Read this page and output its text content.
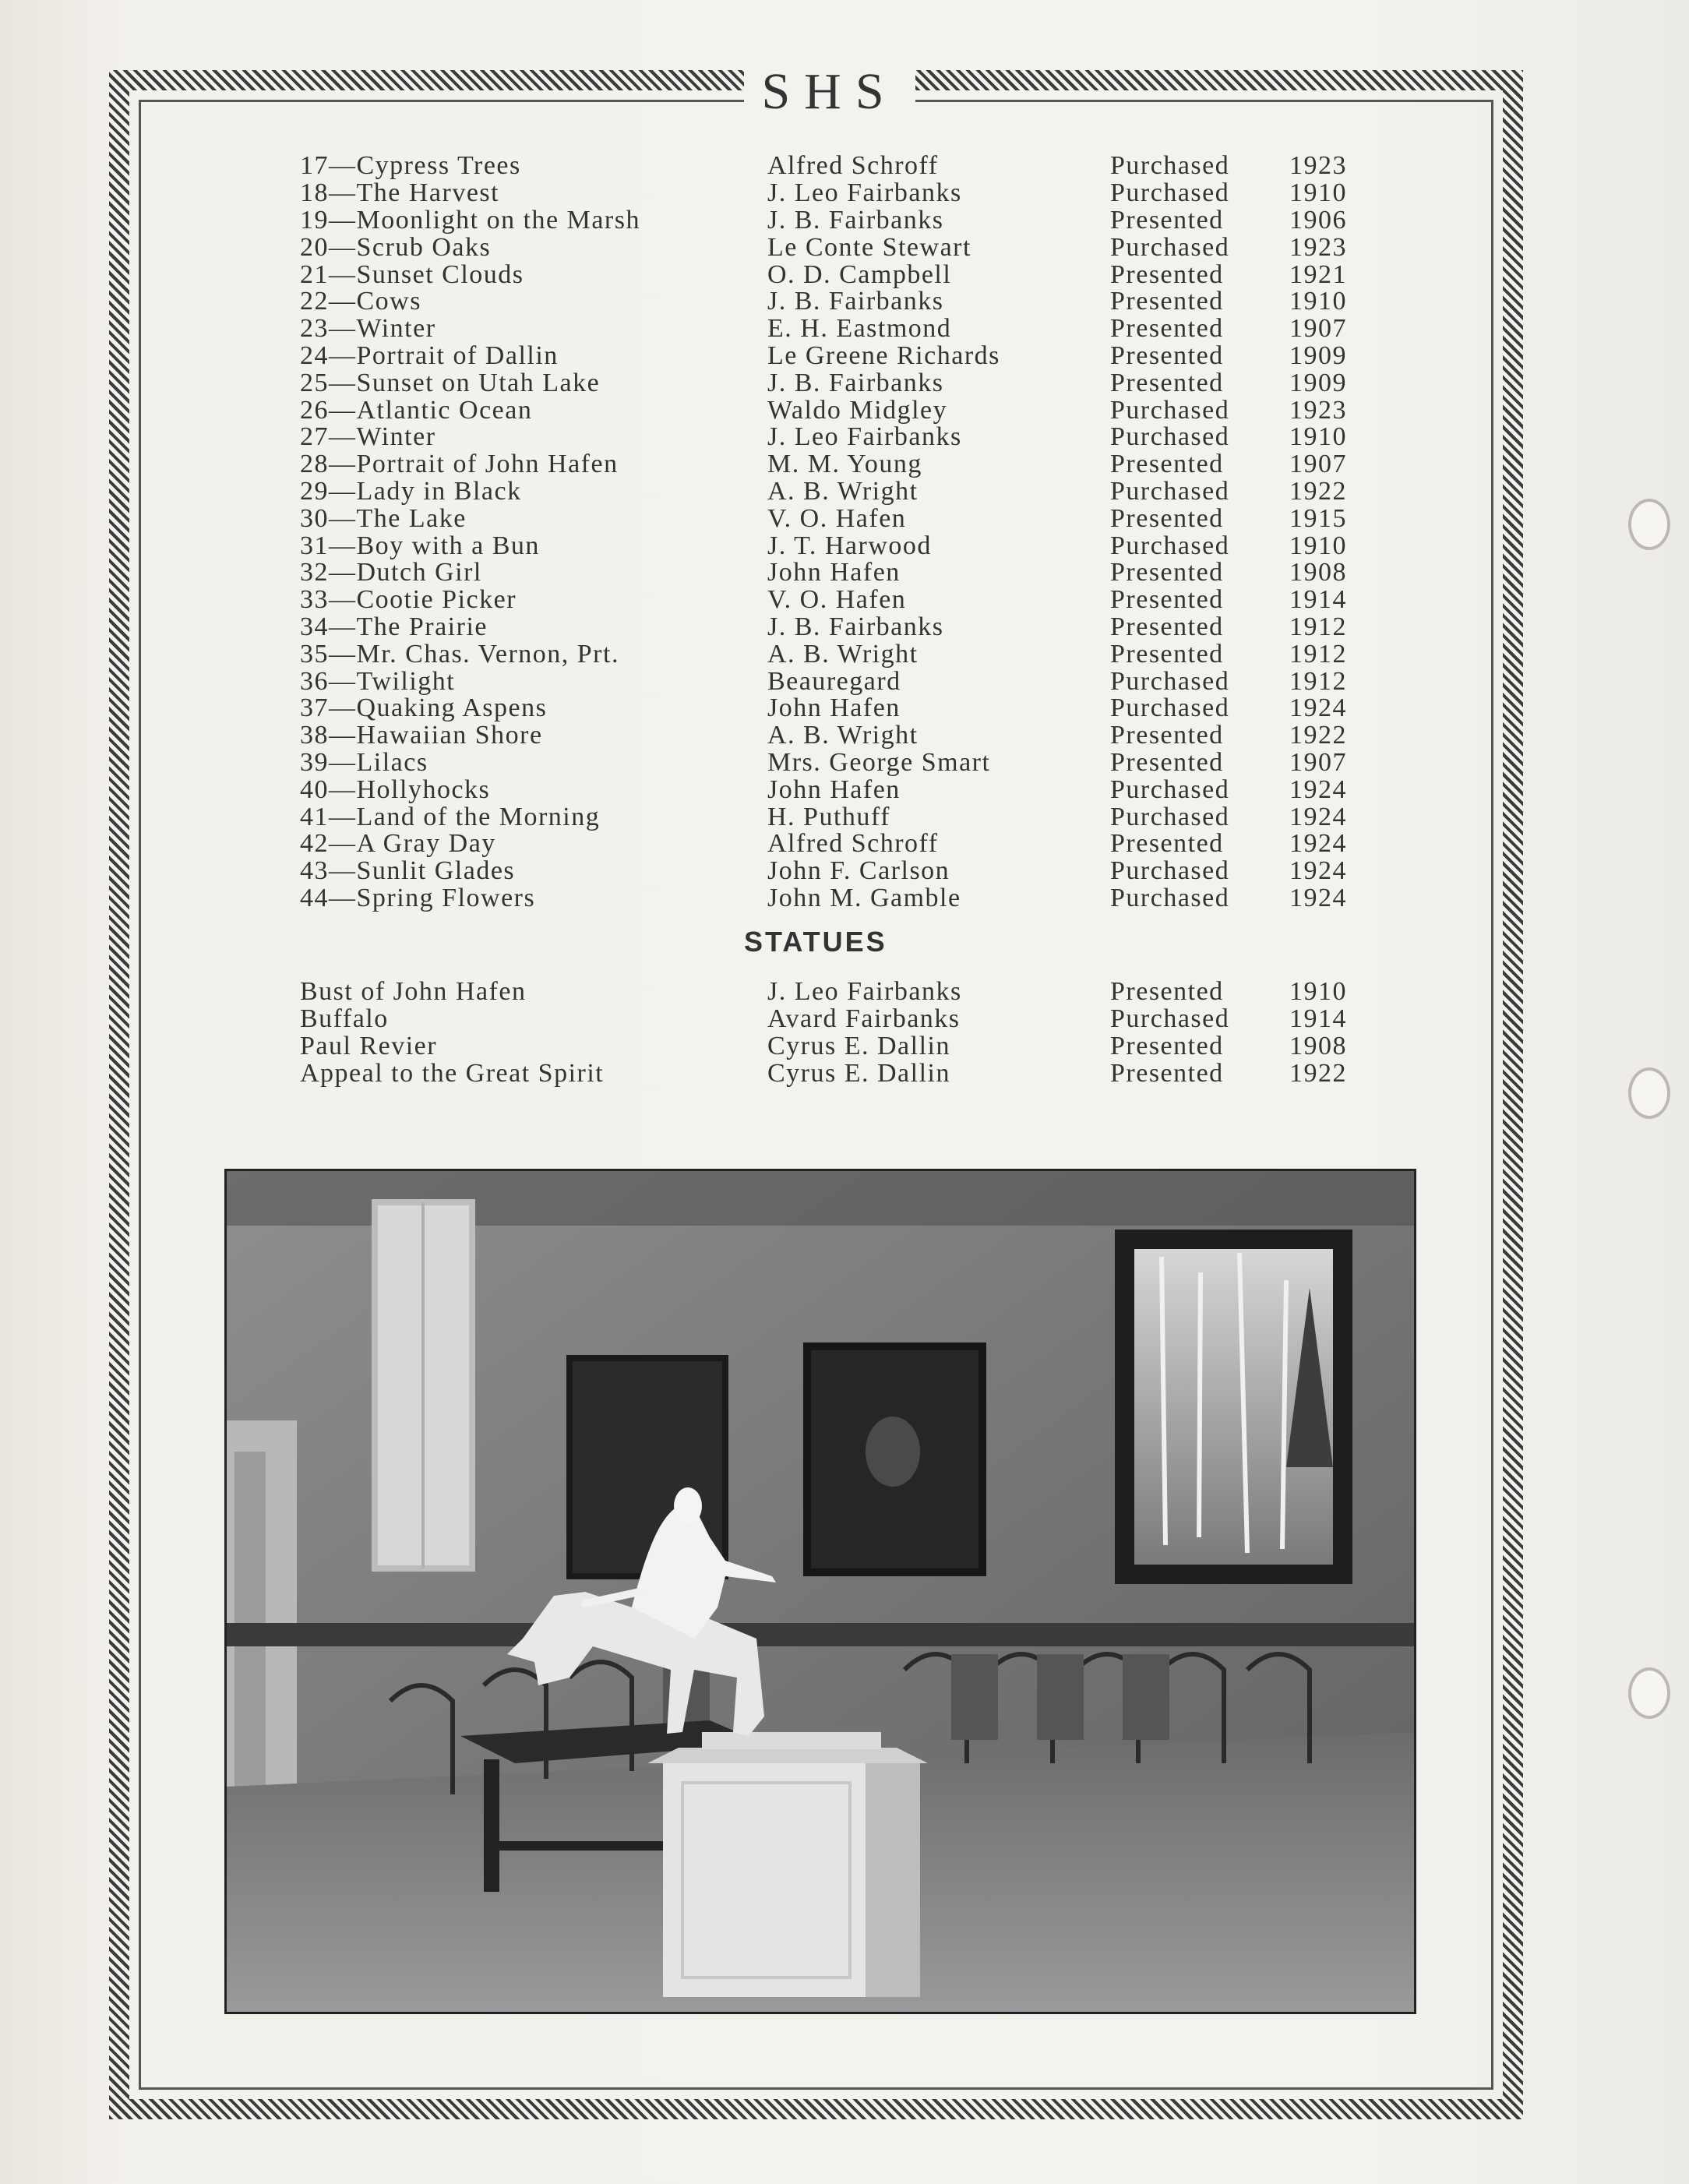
SHS
17—Cypress Trees	Alfred Schroff	Purchased	1923
18—The Harvest	J. Leo Fairbanks	Purchased	1910
19—Moonlight on the Marsh	J. B. Fairbanks	Presented	1906
20—Scrub Oaks	Le Conte Stewart	Purchased	1923
21—Sunset Clouds	O. D. Campbell	Presented	1921
22—Cows	J. B. Fairbanks	Presented	1910
23—Winter	E. H. Eastmond	Presented	1907
24—Portrait of Dallin	Le Greene Richards	Presented	1909
25—Sunset on Utah Lake	J. B. Fairbanks	Presented	1909
26—Atlantic Ocean	Waldo Midgley	Purchased	1923
27—Winter	J. Leo Fairbanks	Purchased	1910
28—Portrait of John Hafen	M. M. Young	Presented	1907
29—Lady in Black	A. B. Wright	Purchased	1922
30—The Lake	V. O. Hafen	Presented	1915
31—Boy with a Bun	J. T. Harwood	Purchased	1910
32—Dutch Girl	John Hafen	Presented	1908
33—Cootie Picker	V. O. Hafen	Presented	1914
34—The Prairie	J. B. Fairbanks	Presented	1912
35—Mr. Chas. Vernon, Prt.	A. B. Wright	Presented	1912
36—Twilight	Beauregard	Purchased	1912
37—Quaking Aspens	John Hafen	Purchased	1924
38—Hawaiian Shore	A. B. Wright	Presented	1922
39—Lilacs	Mrs. George Smart	Presented	1907
40—Hollyhocks	John Hafen	Purchased	1924
41—Land of the Morning	H. Puthuff	Purchased	1924
42—A Gray Day	Alfred Schroff	Presented	1924
43—Sunlit Glades	John F. Carlson	Purchased	1924
44—Spring Flowers	John M. Gamble	Purchased	1924
STATUES
Bust of John Hafen	J. Leo Fairbanks	Presented	1910
Buffalo	Avard Fairbanks	Purchased	1914
Paul Revier	Cyrus E. Dallin	Presented	1908
Appeal to the Great Spirit	Cyrus E. Dallin	Presented	1922
